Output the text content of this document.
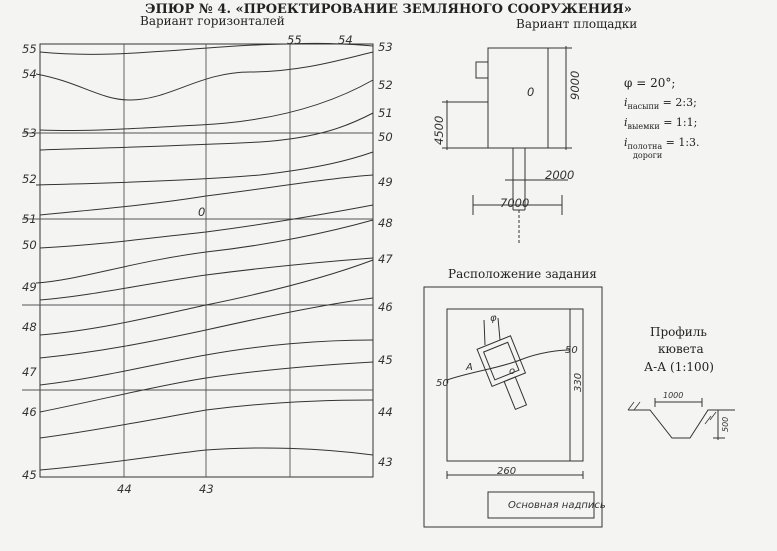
ЭПЮР № 4. «ПРОЕКТИРОВАНИЕ ЗЕМЛЯНОГО СООРУЖЕНИЯ»
Вариант горизонталей
55
54
53
52
51
50
49
48
47
46
45
53
52
51
50
49
48
47
46
45
44
43
55	54
44	43
0
Вариант площадки
0	9000
4500
2000
7000
φ = 20°;
$i_{насыпи}$ = 2:3;
$i_{выемки}$ = 1:1;
$i_{полотна}$ = 1:3.
дороги
Расположение задания
φ
А	о
50
50
330
260
Основная надпись
Профиль
кювета
А-А (1:100)
1000
500
